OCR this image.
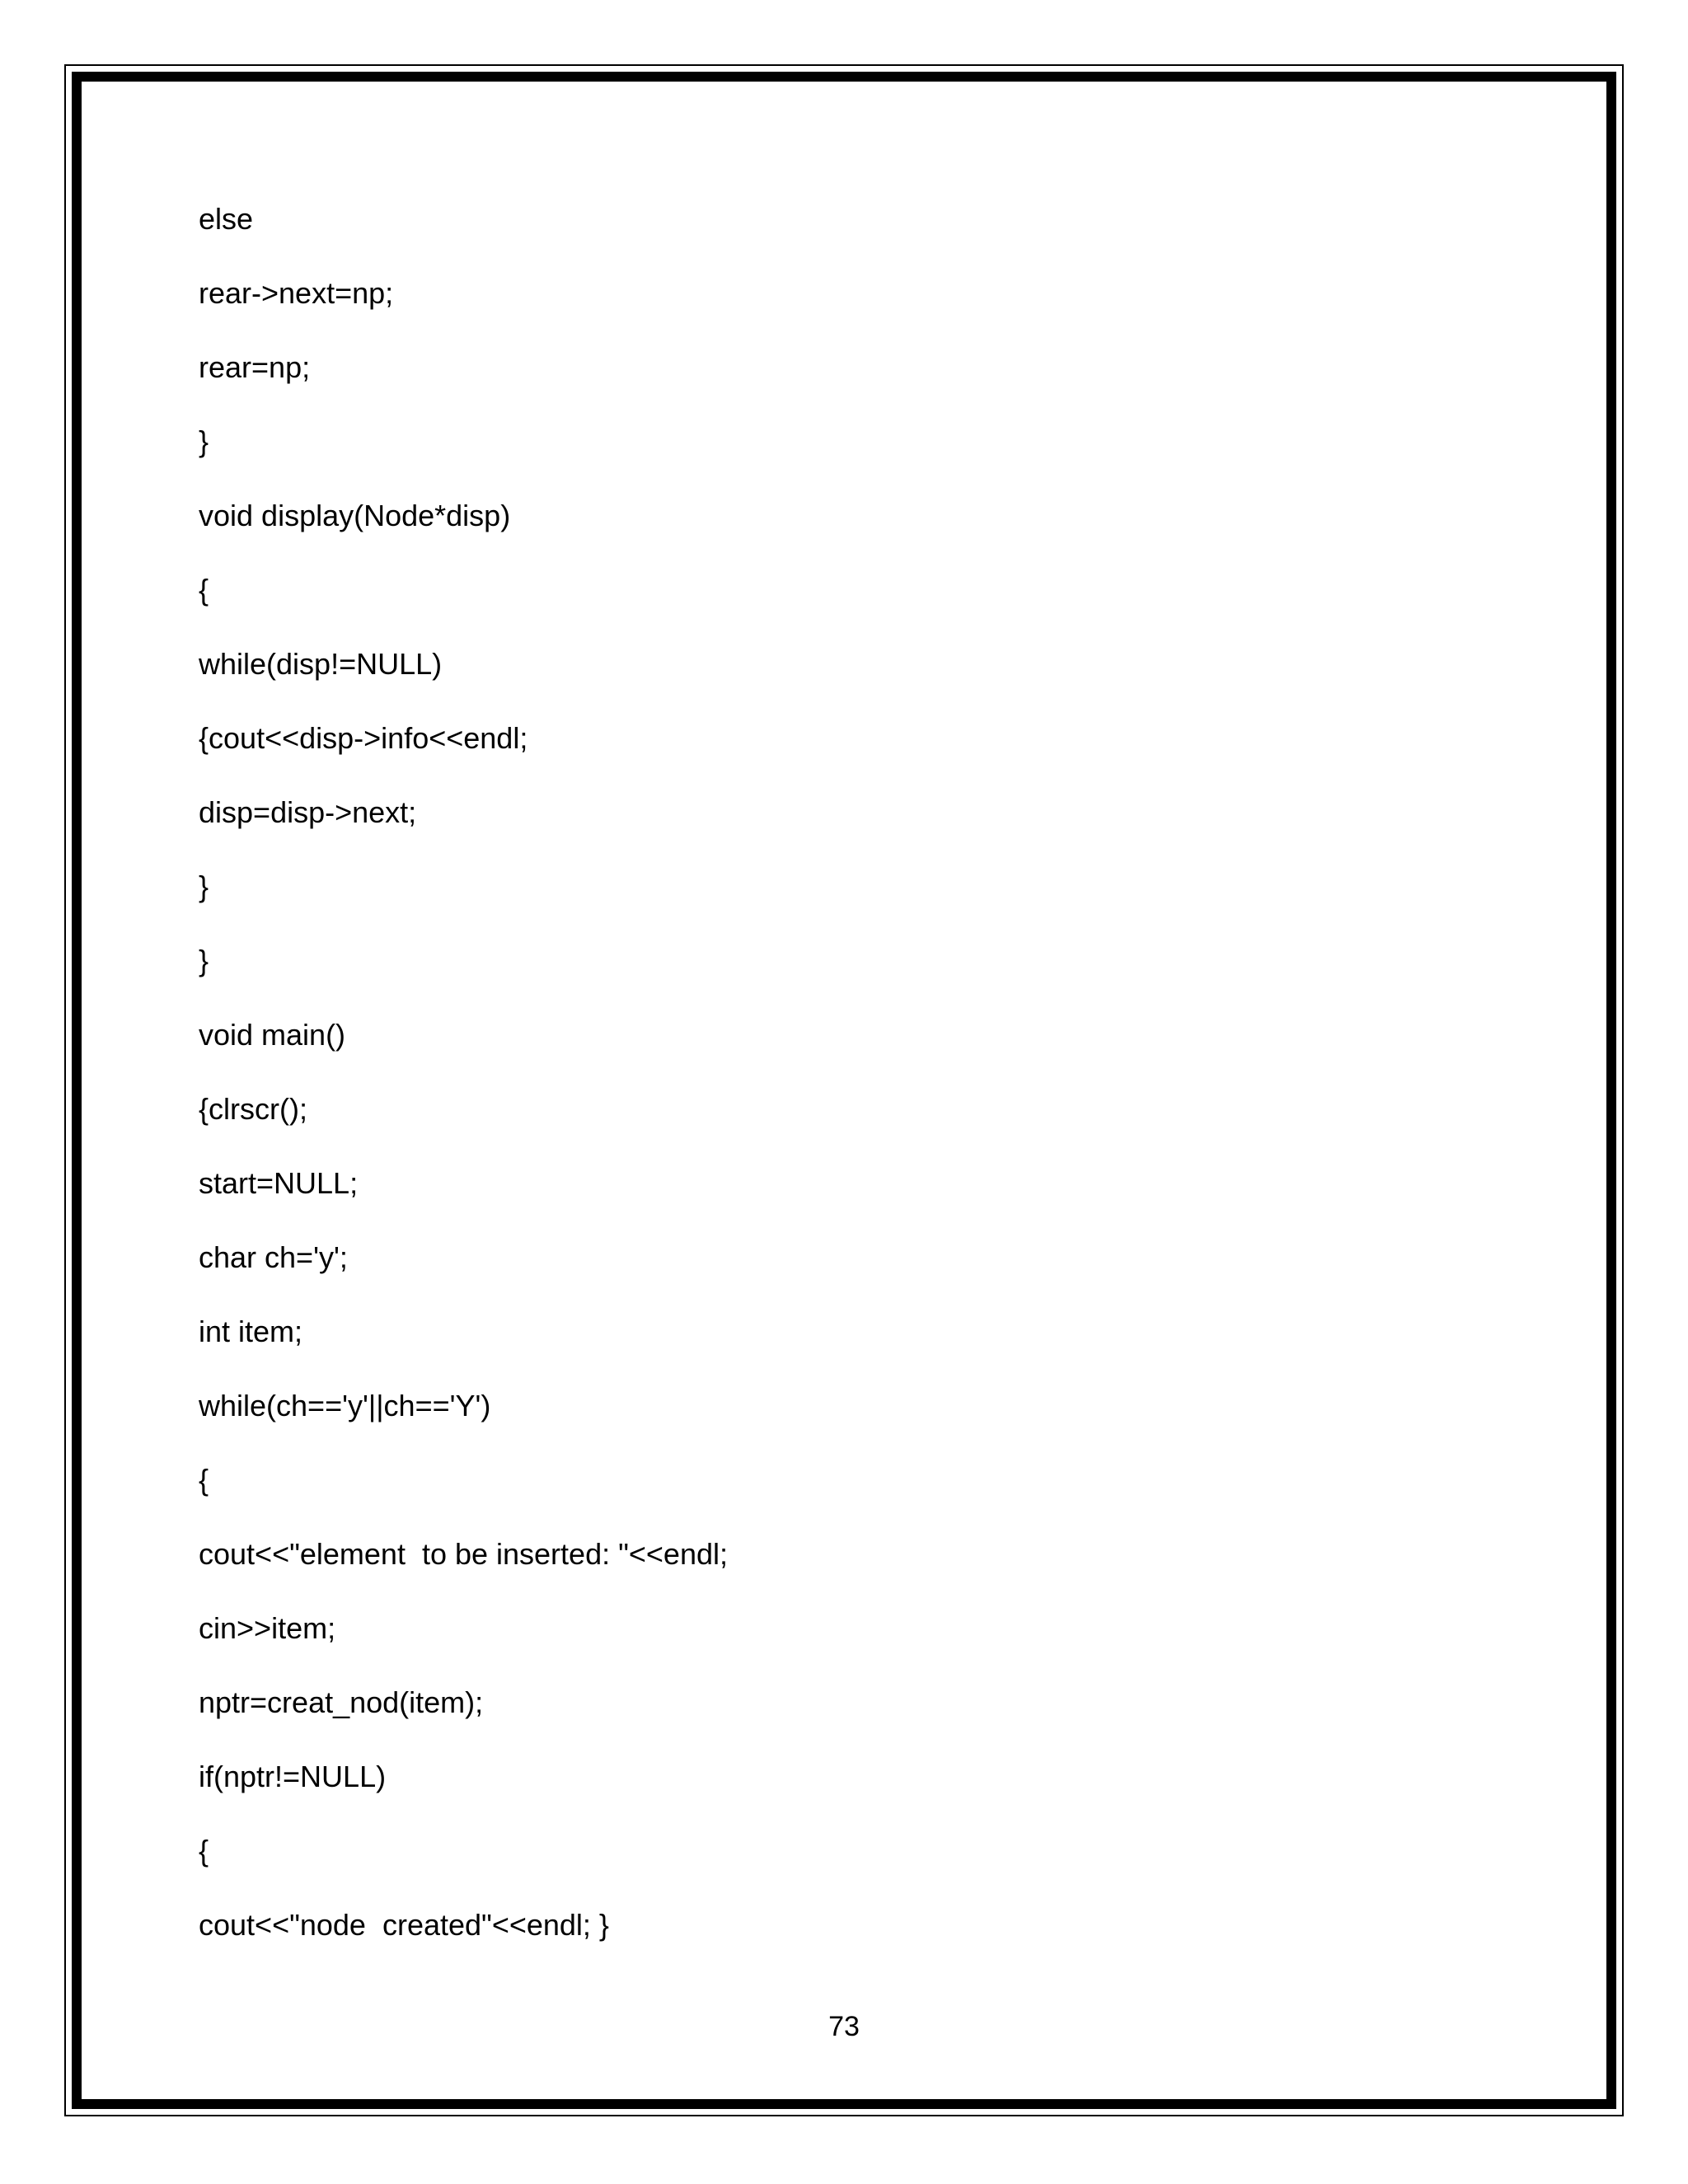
else
rear->next=np;
rear=np;
}
void display(Node*disp)
{
while(disp!=NULL)
{cout<<disp->info<<endl;
disp=disp->next;
}
}
void main()
{clrscr();
start=NULL;
char ch='y';
int item;
while(ch=='y'||ch=='Y')
{
cout<<"element  to be inserted: "<<endl;
cin>>item;
nptr=creat_nod(item);
if(nptr!=NULL)
{
cout<<"node  created"<<endl; }
73
